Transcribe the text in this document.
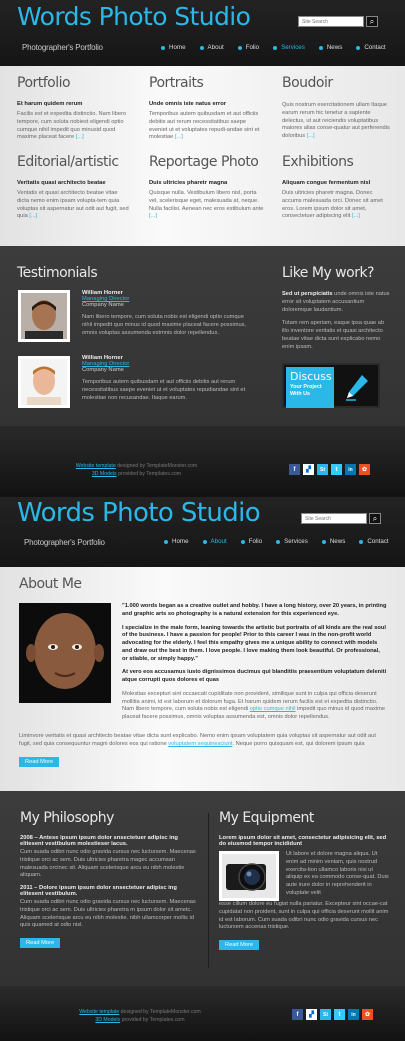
Words Photo Studio
Photographer's Portfolio
Site Search
⌕
Home	About	Folio	Services	News	Contact
Portfolio
Et harum quidem rerum

Facilis est et expedita distinctio. Nam libero tempore, cum soluta nobiest eligendi optio cumque nihil impedit quo minusid quod maxime placeat facere [...]

Portraits
Unde omnis iste natus error

Temporibus autem quibusdam et aut officiis debitis aut rerum necessitatibus saepe eveniet ut et voluptates repudi-andae sint et molestiae [...]

Boudoir

Quis nostrum exercitationem ullam Itaque earum rerum hic tenetur a sapiente delectus, ut aut reiciendis voluptatibus maiores alias conse-quatur aut perferendis doloribus [...]

Editorial/artistic
Veritatis quasi architecto beatae

Ventatis et quasi architecto beatae vitae dicta nemo enim ipsam volupta-tem quia voluptas sit aspernatur aut odit aut fugit, sed quia [...]

Reportage Photo
Duis ultricies pharetr magna

Quisque nulla. Vestibulum libero nisl, porta vel, scelerisque eget, malesuada at, neque. Nulla facilisi. Aenean nec eros estibulum ante [...]

Exhibitions
Aliquam congue fermentum nisl

Duis ultricies pharetr magna. Donec accums malesuada orci. Donec sit amet eros. Lorem ipsum dolor sit amet, consectetuer adipiscing elit [...]

Testimonials
William Horner
Managing Director
Company Name

Nam libero tempore, cum soluta nobis est eligendi optio cumque nihil impedit quo minus id quod maxime placeat facere possimus, omnis voluptas assumenda estmnis dolor repellendus.

William Horner
Managing Director
Company Name

Temporibus autem quibusdam et aut officiis debitis aut rerum necessitatibus saepe eveniet ut et voluptates repudiandae sint et molestiae non recusandae. Itaque earum.

Like My work?

Sed ut perspiciatis unde omnis iste natus error sit voluptatem accusantium doloremque laudantium.

Totam rem aperiam, eaque ipsa quae ab illo inventore veritatis et quasi architecto beatae vitae dicta sunt explicabo nemo enim ipsam.

Discuss
Your Project With Us
Website template designed by TemplateMonster.com
3D Models provided by Templates.com
f	▞	St	t	in	✿
Words Photo Studio
Photographer's Portfolio
Site Search
⌕
Home	About	Folio	Services	News	Contact
About Me

"1.000 words began as a creative outlet and hobby. I have a long history, over 20 years, in printing and graphic arts so photography is a natural extension for this experienced eye.

I specialize in the male form, leaning towards the artistic but portraits of all kinds are the real soul of the business. I have a passion for people! Prior to this career I was in the non-profit world advocating for the elderly. I feel this empathy gives me a unique ability to connect with models and draw out the best in them. I love people. I love making them look beautiful. Or professional, or stiable, or simply happy."

At vero eos accusamus iusto dignissimos ducimus qui blanditiis praesentium voluptatum deleniti atque corrupti quos dolores et quas

Molestias excepturi sint occaecati cupiditate non provident, similique sunt in culpa qui officia deserunt mollitia animi, id est laborum et dolorum fuga. Et harum quidem rerum facilis est et expedita distinctio. Nam libero tempore, cum soluta nobis est eligendi optio cumque nihil impedit quo minus id quod maxime placeat facere possimus, omnis voluptas assumenda est, omnis dolor repellendus.

Liminvore veritatis et quasi architecto beatae vitae dicta sunt explicabo. Nemo enim ipsam voluptatem quia voluptas sit aspernatur aut odit aut fugit, sed quia consequuntur magni dolores eos qui ratione voluptatem sequinesciunt. Neque porro quisquam est, qui dolorem ipsum quia

Read More
My Philosophy
2008 – Antese ipsum ipsum dolor snsectetuer adipisc ing elitesent vestibulum molestieser lacus.

Cum suada odibri nunc odio gravida cursus nec luctursem. Maecenas tristique orci ac sem. Duis ultricies pharetra magec accumsan malesuada orcinec sit. Aliquam scelerisque arcu eu nibh molestie aliquam.

2011 – Dolore ipsum ipsum dolor snsectetuer adipisc ing elitesent vestibulum.

Cum suada odibri nunc odio gravida cursus nec luctursem. Maecenas tristique orci ac sem. Duis ultricies pharetra m ipsum dolor sit ametc. Aliquam scelerisque arcu eu nibh molestie. nibh ullamcorper mollis id quis quamed at odio nisl.

Read More
My Equipment
Lorem ipsum dolor sit amet, consectetur adipisicing elit, sed do eiusmod tempor incididunt

Ut labore et dolore magna aliqua. Ut enim ad minim veniam, quis nostrud exercita-tion ullamco laboris nisi ut aliquip ex ea commodo conse-quat. Duis aute irure dolor in reprehenderit in voluptate velit

esse cillum dolore eu fugiat nulla pariatur. Excepteur sint occae-cat cupidatat non proident, sunt in culpa qui officia deserunt mollit anim id est laborum. Cum suada odibri nunc odio gravida cursus nec luctursem accenas tristique.

Read More
Website template designed by TemplateMonster.com
3D Models provided by Templates.com
f	▞	St	t	in	✿
